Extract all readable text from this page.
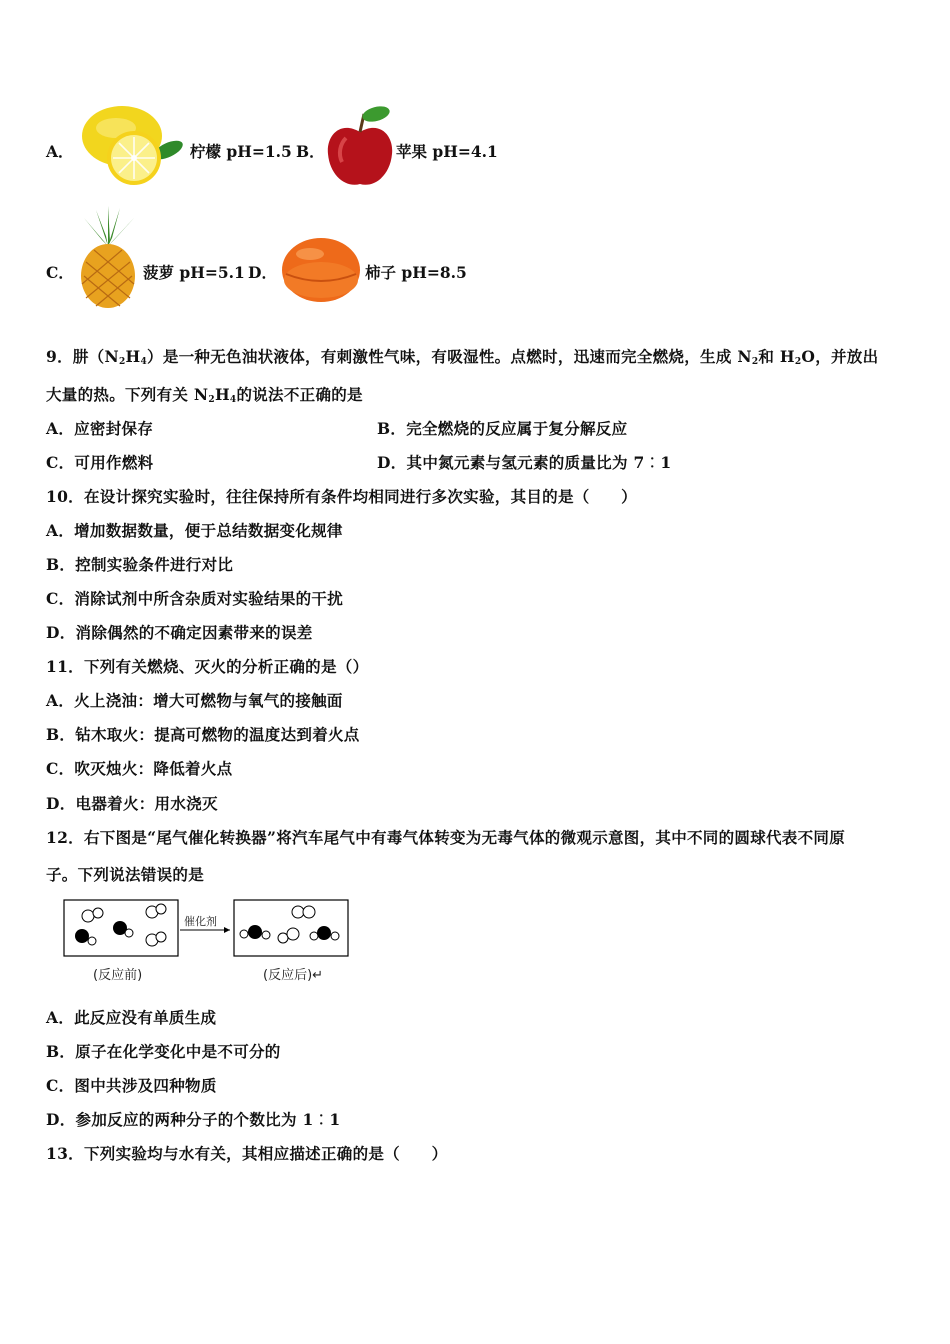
A．	柠檬 pH=1.5 B．	苹果 pH=4.1
C．	菠萝 pH=5.1 D．	柿子 pH=8.5
9．肼$(N_2H_4)$是一种无色油状液体，有刺激性气味，有吸湿性。点燃时，迅速而完全燃烧，生成 $N_2$和 $H_2O$，并放出
大量的热。下列有关 $N_2H_4$的说法不正确的是
A．应密封保存	B．完全燃烧的反应属于复分解反应
C．可用作燃料	D．其中氮元素与氢元素的质量比为 7︰1
10．在设计探究实验时，往往保持所有条件均相同进行多次实验，其目的是（　　）
A．增加数据数量，便于总结数据变化规律
B．控制实验条件进行对比
C．消除试剂中所含杂质对实验结果的干扰
D．消除偶然的不确定因素带来的误差
11．下列有关燃烧、灭火的分析正确的是（）
A．火上浇油：增大可燃物与氧气的接触面
B．钻木取火：提高可燃物的温度达到着火点
C．吹灭烛火：降低着火点
D．电器着火：用水浇灭
12．右下图是“尾气催化转换器”将汽车尾气中有毒气体转变为无毒气体的微观示意图，其中不同的圆球代表不同原
子。下列说法错误的是
催化剂
(反应前)	(反应后)↵
A．此反应没有单质生成
B．原子在化学变化中是不可分的
C．图中共涉及四种物质
D．参加反应的两种分子的个数比为 1︰1
13．下列实验均与水有关，其相应描述正确的是（　　）
